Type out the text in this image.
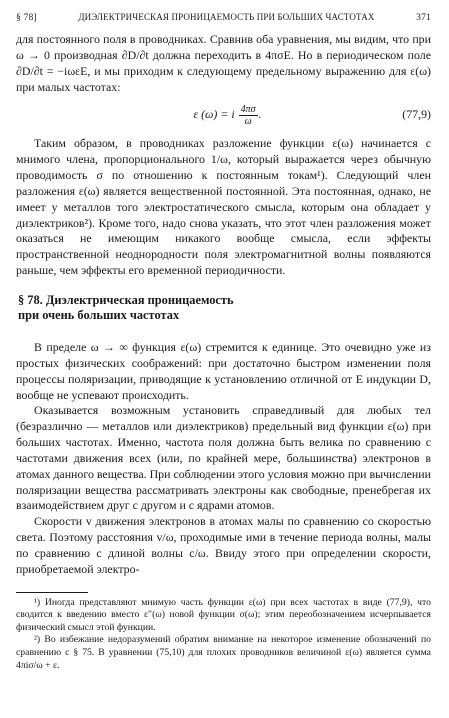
§ 78]	ДИЭЛЕКТРИЧЕСКАЯ ПРОНИЦАЕМОСТЬ ПРИ БОЛЬШИХ ЧАСТОТАХ	371

для постоянного поля в проводниках. Сравнив оба уравнения, мы видим, что при ω → 0 производная ∂D/∂t должна переходить в 4πσE. Но в периодическом поле ∂D/∂t = −iωεE, и мы приходим к следующему предельному выражению для ε(ω) при малых частотах:

ε (ω) = i $\frac{4\pi\sigma}{\omega}$ .	(77,9)

Таким образом, в проводниках разложение функции ε(ω) начинается с мнимого члена, пропорционального 1/ω, который выражается через обычную проводимость σ по отношению к постоянным токам¹). Следующий член разложения ε(ω) является вещественной постоянной. Эта постоянная, однако, не имеет у металлов того электростатического смысла, которым она обладает у диэлектриков²). Кроме того, надо снова указать, что этот член разложения может оказаться не имеющим никакого вообще смысла, если эффекты пространственной неоднородности поля электромагнитной волны появляются раньше, чем эффекты его временной периодичности.

§ 78. Диэлектрическая проницаемость
при очень больших частотах

В пределе ω → ∞ функция ε(ω) стремится к единице. Это очевидно уже из простых физических соображений: при достаточно быстром изменении поля процессы поляризации, приводящие к установлению отличной от E индукции D, вообще не успевают происходить.

Оказывается возможным установить справедливый для любых тел (безразлично — металлов или диэлектриков) предельный вид функции ε(ω) при больших частотах. Именно, частота поля должна быть велика по сравнению с частотами движения всех (или, по крайней мере, большинства) электронов в атомах данного вещества. При соблюдении этого условия можно при вычислении поляризации вещества рассматривать электроны как свободные, пренебрегая их взаимодействием друг с другом и с ядрами атомов.

Скорости v движения электронов в атомах малы по сравнению со скоростью света. Поэтому расстояния v/ω, проходимые ими в течение периода волны, малы по сравнению с длиной волны c/ω. Ввиду этого при определении скорости, приобретаемой электро-

¹) Иногда представляют мнимую часть функции ε(ω) при всех частотах в виде (77,9), что сводится к введению вместо ε″(ω) новой функции σ(ω); этим переобозначением исчерпывается физический смысл этой функции.

²) Во избежание недоразумений обратим внимание на некоторое изменение обозначений по сравнению с § 75. В уравнении (75,10) для плохих проводников величиной ε(ω) является сумма 4πiσ/ω + ε.
